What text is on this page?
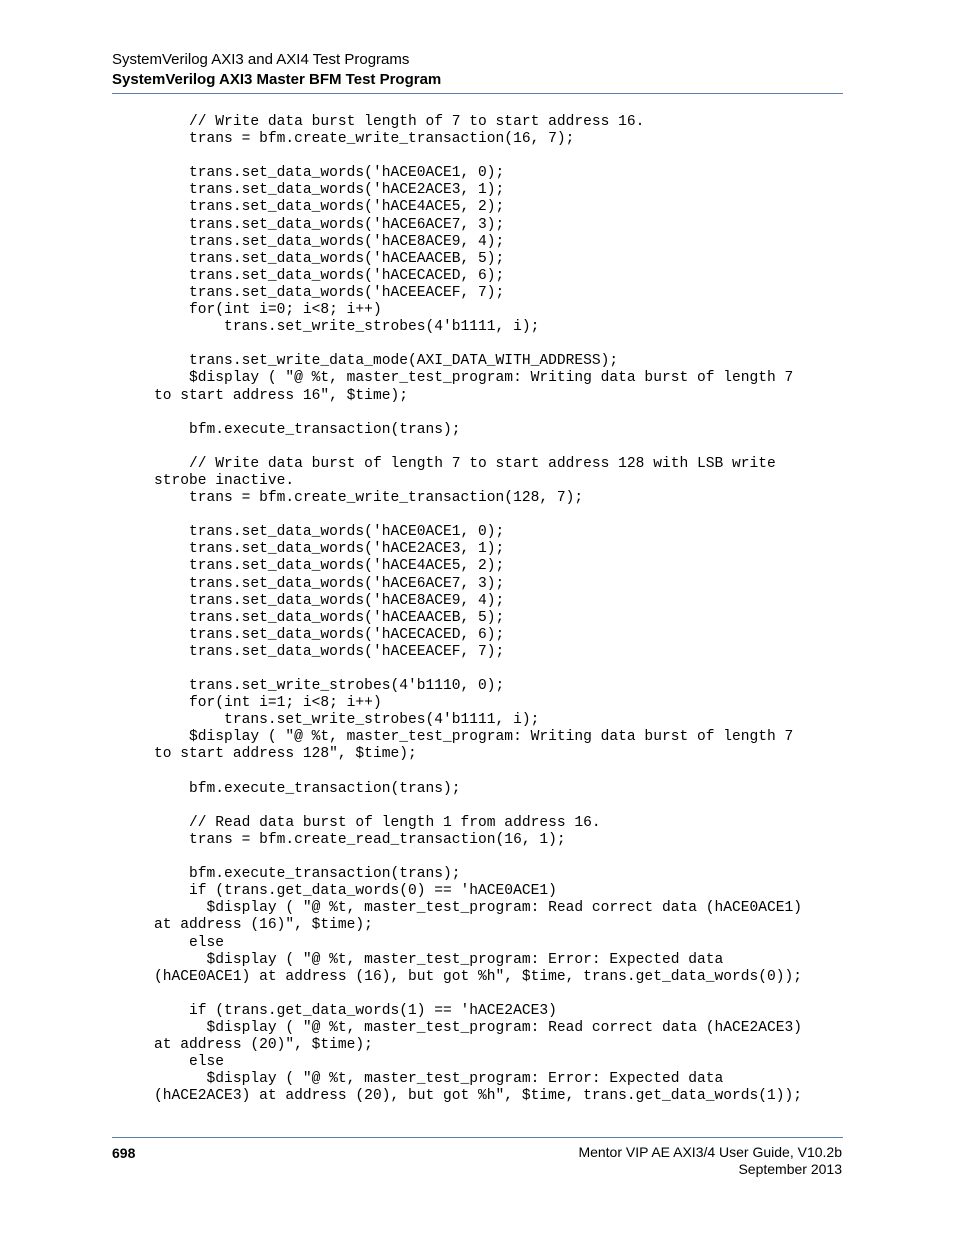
SystemVerilog AXI3 and AXI4 Test Programs
SystemVerilog AXI3 Master BFM Test Program
// Write data burst length of 7 to start address 16.
trans = bfm.create_write_transaction(16, 7);

trans.set_data_words('hACE0ACE1, 0);
trans.set_data_words('hACE2ACE3, 1);
trans.set_data_words('hACE4ACE5, 2);
trans.set_data_words('hACE6ACE7, 3);
trans.set_data_words('hACE8ACE9, 4);
trans.set_data_words('hACEAACEB, 5);
trans.set_data_words('hACECACED, 6);
trans.set_data_words('hACEEACEF, 7);
for(int i=0; i<8; i++)
trans.set_write_strobes(4'b1111, i);

trans.set_write_data_mode(AXI_DATA_WITH_ADDRESS);
$display ( "@ %t, master_test_program: Writing data burst of length 7
to start address 16", $time);

bfm.execute_transaction(trans);

// Write data burst of length 7 to start address 128 with LSB write
strobe inactive.
trans = bfm.create_write_transaction(128, 7);

trans.set_data_words('hACE0ACE1, 0);
trans.set_data_words('hACE2ACE3, 1);
trans.set_data_words('hACE4ACE5, 2);
trans.set_data_words('hACE6ACE7, 3);
trans.set_data_words('hACE8ACE9, 4);
trans.set_data_words('hACEAACEB, 5);
trans.set_data_words('hACECACED, 6);
trans.set_data_words('hACEEACEF, 7);

trans.set_write_strobes(4'b1110, 0);
for(int i=1; i<8; i++)
trans.set_write_strobes(4'b1111, i);
$display ( "@ %t, master_test_program: Writing data burst of length 7
to start address 128", $time);

bfm.execute_transaction(trans);

// Read data burst of length 1 from address 16.
trans = bfm.create_read_transaction(16, 1);

bfm.execute_transaction(trans);
if (trans.get_data_words(0) == 'hACE0ACE1)
$display ( "@ %t, master_test_program: Read correct data (hACE0ACE1)
at address (16)", $time);
else
$display ( "@ %t, master_test_program: Error: Expected data
(hACE0ACE1) at address (16), but got %h", $time, trans.get_data_words(0));

if (trans.get_data_words(1) == 'hACE2ACE3)
$display ( "@ %t, master_test_program: Read correct data (hACE2ACE3)
at address (20)", $time);
else
$display ( "@ %t, master_test_program: Error: Expected data
(hACE2ACE3) at address (20), but got %h", $time, trans.get_data_words(1));
698	Mentor VIP AE AXI3/4 User Guide, V10.2b
September 2013
